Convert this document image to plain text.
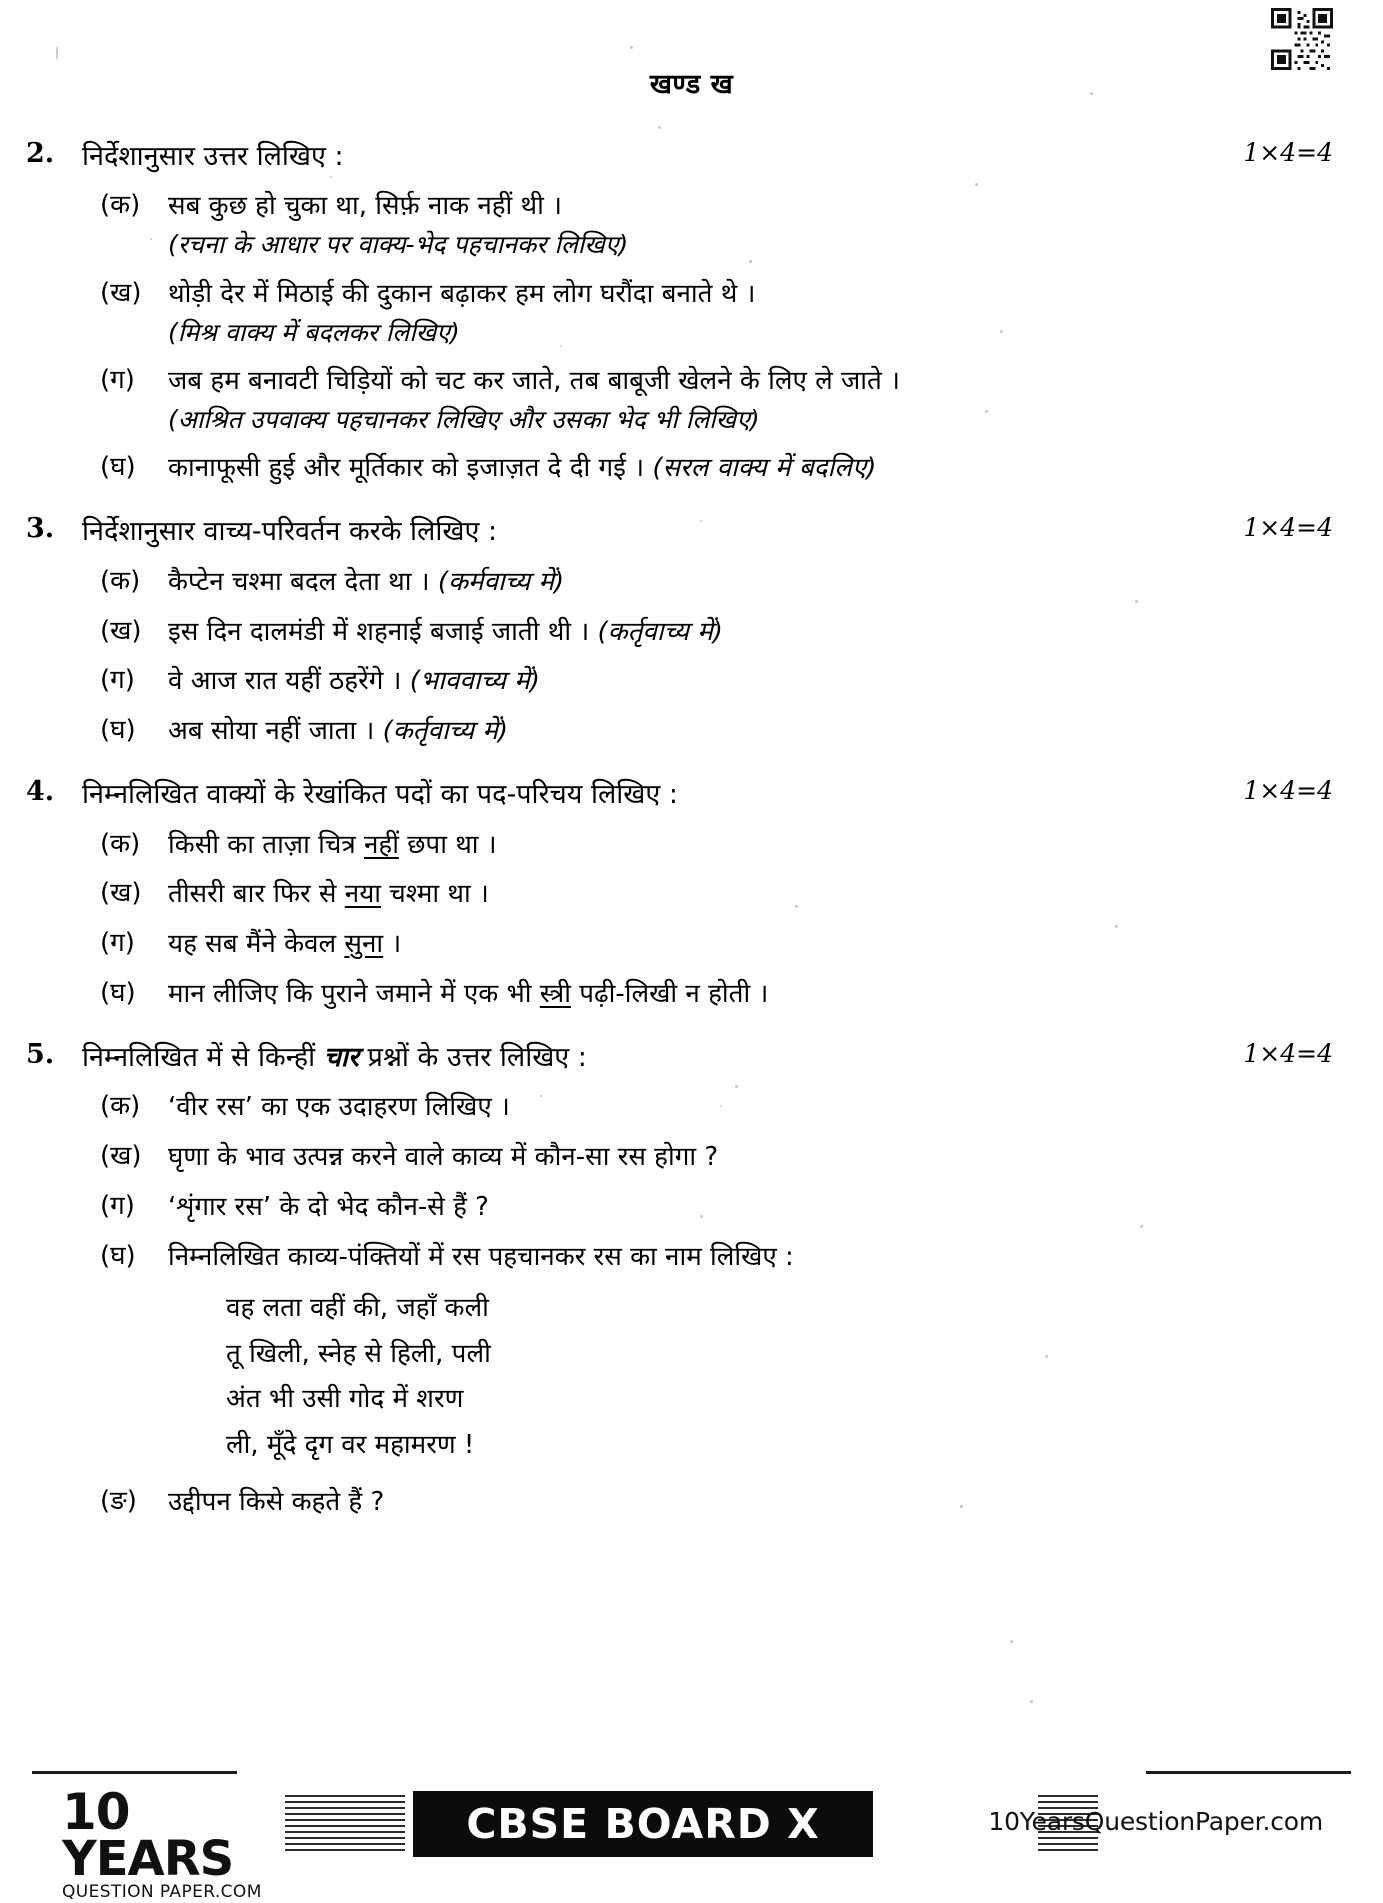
खण्ड ख
2.	निर्देशानुसार उत्तर लिखिए :
(क)	सब कुछ हो चुका था, सिर्फ़ नाक नहीं थी ।
(रचना के आधार पर वाक्य-भेद पहचानकर लिखिए)
(ख)	थोड़ी देर में मिठाई की दुकान बढ़ाकर हम लोग घरौंदा बनाते थे ।
(मिश्र वाक्य में बदलकर लिखिए)
(ग)	जब हम बनावटी चिड़ियों को चट कर जाते, तब बाबूजी खेलने के लिए ले जाते ।
(आश्रित उपवाक्य पहचानकर लिखिए और उसका भेद भी लिखिए)
(घ)	कानाफूसी हुई और मूर्तिकार को इजाज़त दे दी गई । (सरल वाक्य में बदलिए)
1×4=4
3.	निर्देशानुसार वाच्य-परिवर्तन करके लिखिए :
(क)	कैप्टेन चश्मा बदल देता था । (कर्मवाच्य में)
(ख)	इस दिन दालमंडी में शहनाई बजाई जाती थी । (कर्तृवाच्य में)
(ग)	वे आज रात यहीं ठहरेंगे । (भाववाच्य में)
(घ)	अब सोया नहीं जाता । (कर्तृवाच्य में)
1×4=4
4.	निम्नलिखित वाक्यों के रेखांकित पदों का पद-परिचय लिखिए :
(क)	किसी का ताज़ा चित्र नहीं छपा था ।
(ख)	तीसरी बार फिर से नया चश्मा था ।
(ग)	यह सब मैंने केवल सुना ।
(घ)	मान लीजिए कि पुराने जमाने में एक भी स्त्री पढ़ी-लिखी न होती ।
1×4=4
5.	निम्नलिखित में से किन्हीं चार प्रश्नों के उत्तर लिखिए :
(क)	‘वीर रस’ का एक उदाहरण लिखिए ।
(ख)	घृणा के भाव उत्पन्न करने वाले काव्य में कौन-सा रस होगा ?
(ग)	‘शृंगार रस’ के दो भेद कौन-से हैं ?
(घ)	निम्नलिखित काव्य-पंक्तियों में रस पहचानकर रस का नाम लिखिए :
वह लता वहीं की, जहाँ कली
तू खिली, स्नेह से हिली, पली
अंत भी उसी गोद में शरण
ली, मूँदे दृग वर महामरण !
(ङ)	उद्दीपन किसे कहते हैं ?
1×4=4
10 YEARS
QUESTION PAPER.COM
CBSE BOARD X	10YearsQuestionPaper.com
